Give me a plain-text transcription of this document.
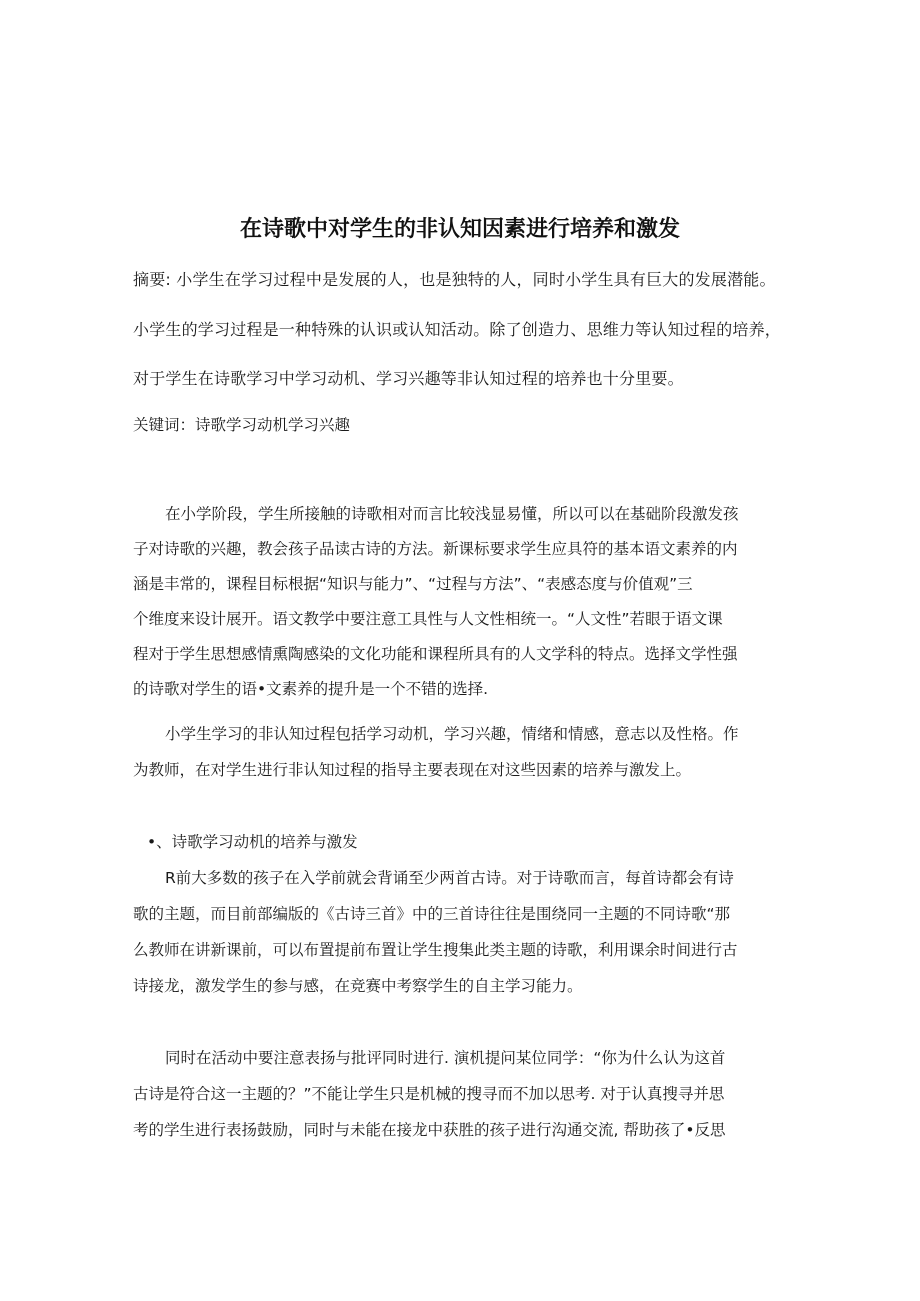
在诗歌中对学生的非认知因素进行培养和激发
摘要: 小学生在学习过程中是发展的人，也是独特的人，同时小学生具有巨大的发展潜能。
小学生的学习过程是一种特殊的认识或认知活动。除了创造力、思维力等认知过程的培养，
对于学生在诗歌学习中学习动机、学习兴趣等非认知过程的培养也十分里要。
关键词：诗歌学习动机学习兴趣
在小学阶段，学生所接触的诗歌相对而言比较浅显易懂，所以可以在基础阶段激发孩
子对诗歌的兴趣，教会孩子品读古诗的方法。新课标要求学生应具符的基本语文素养的内
涵是丰常的，课程目标根据“知识与能力”、“过程与方法”、“表感态度与价值观”三
个维度来设计展开。语文教学中要注意工具性与人文性相统一。“人文性”若眼于语文课
程对于学生思想感情熏陶感染的文化功能和课程所具有的人文学科的特点。选择文学性强
的诗歌对学生的语•文素养的提升是一个不错的选择.
小学生学习的非认知过程包括学习动机，学习兴趣，情绪和情感，意志以及性格。作
为教师，在对学生进行非认知过程的指导主要表现在对这些因素的培养与激发上。
•、诗歌学习动机的培养与激发
R前大多数的孩子在入学前就会背诵至少两首古诗。对于诗歌而言，每首诗都会有诗
歌的主题，而目前部编版的《古诗三首》中的三首诗往往是围绕同一主题的不同诗歌“那
么教师在讲新课前，可以布置提前布置让学生搜集此类主题的诗歌，利用课余时间进行古
诗接龙，激发学生的参与感，在竞赛中考察学生的自主学习能力。
同时在活动中要注意表扬与批评同时进行. 演机提问某位同学：“你为什么认为这首
古诗是符合这一主题的？”不能让学生只是机械的搜寻而不加以思考. 对于认真搜寻并思
考的学生进行表扬鼓励，同时与未能在接龙中获胜的孩子进行沟通交流, 帮助孩了•反思
